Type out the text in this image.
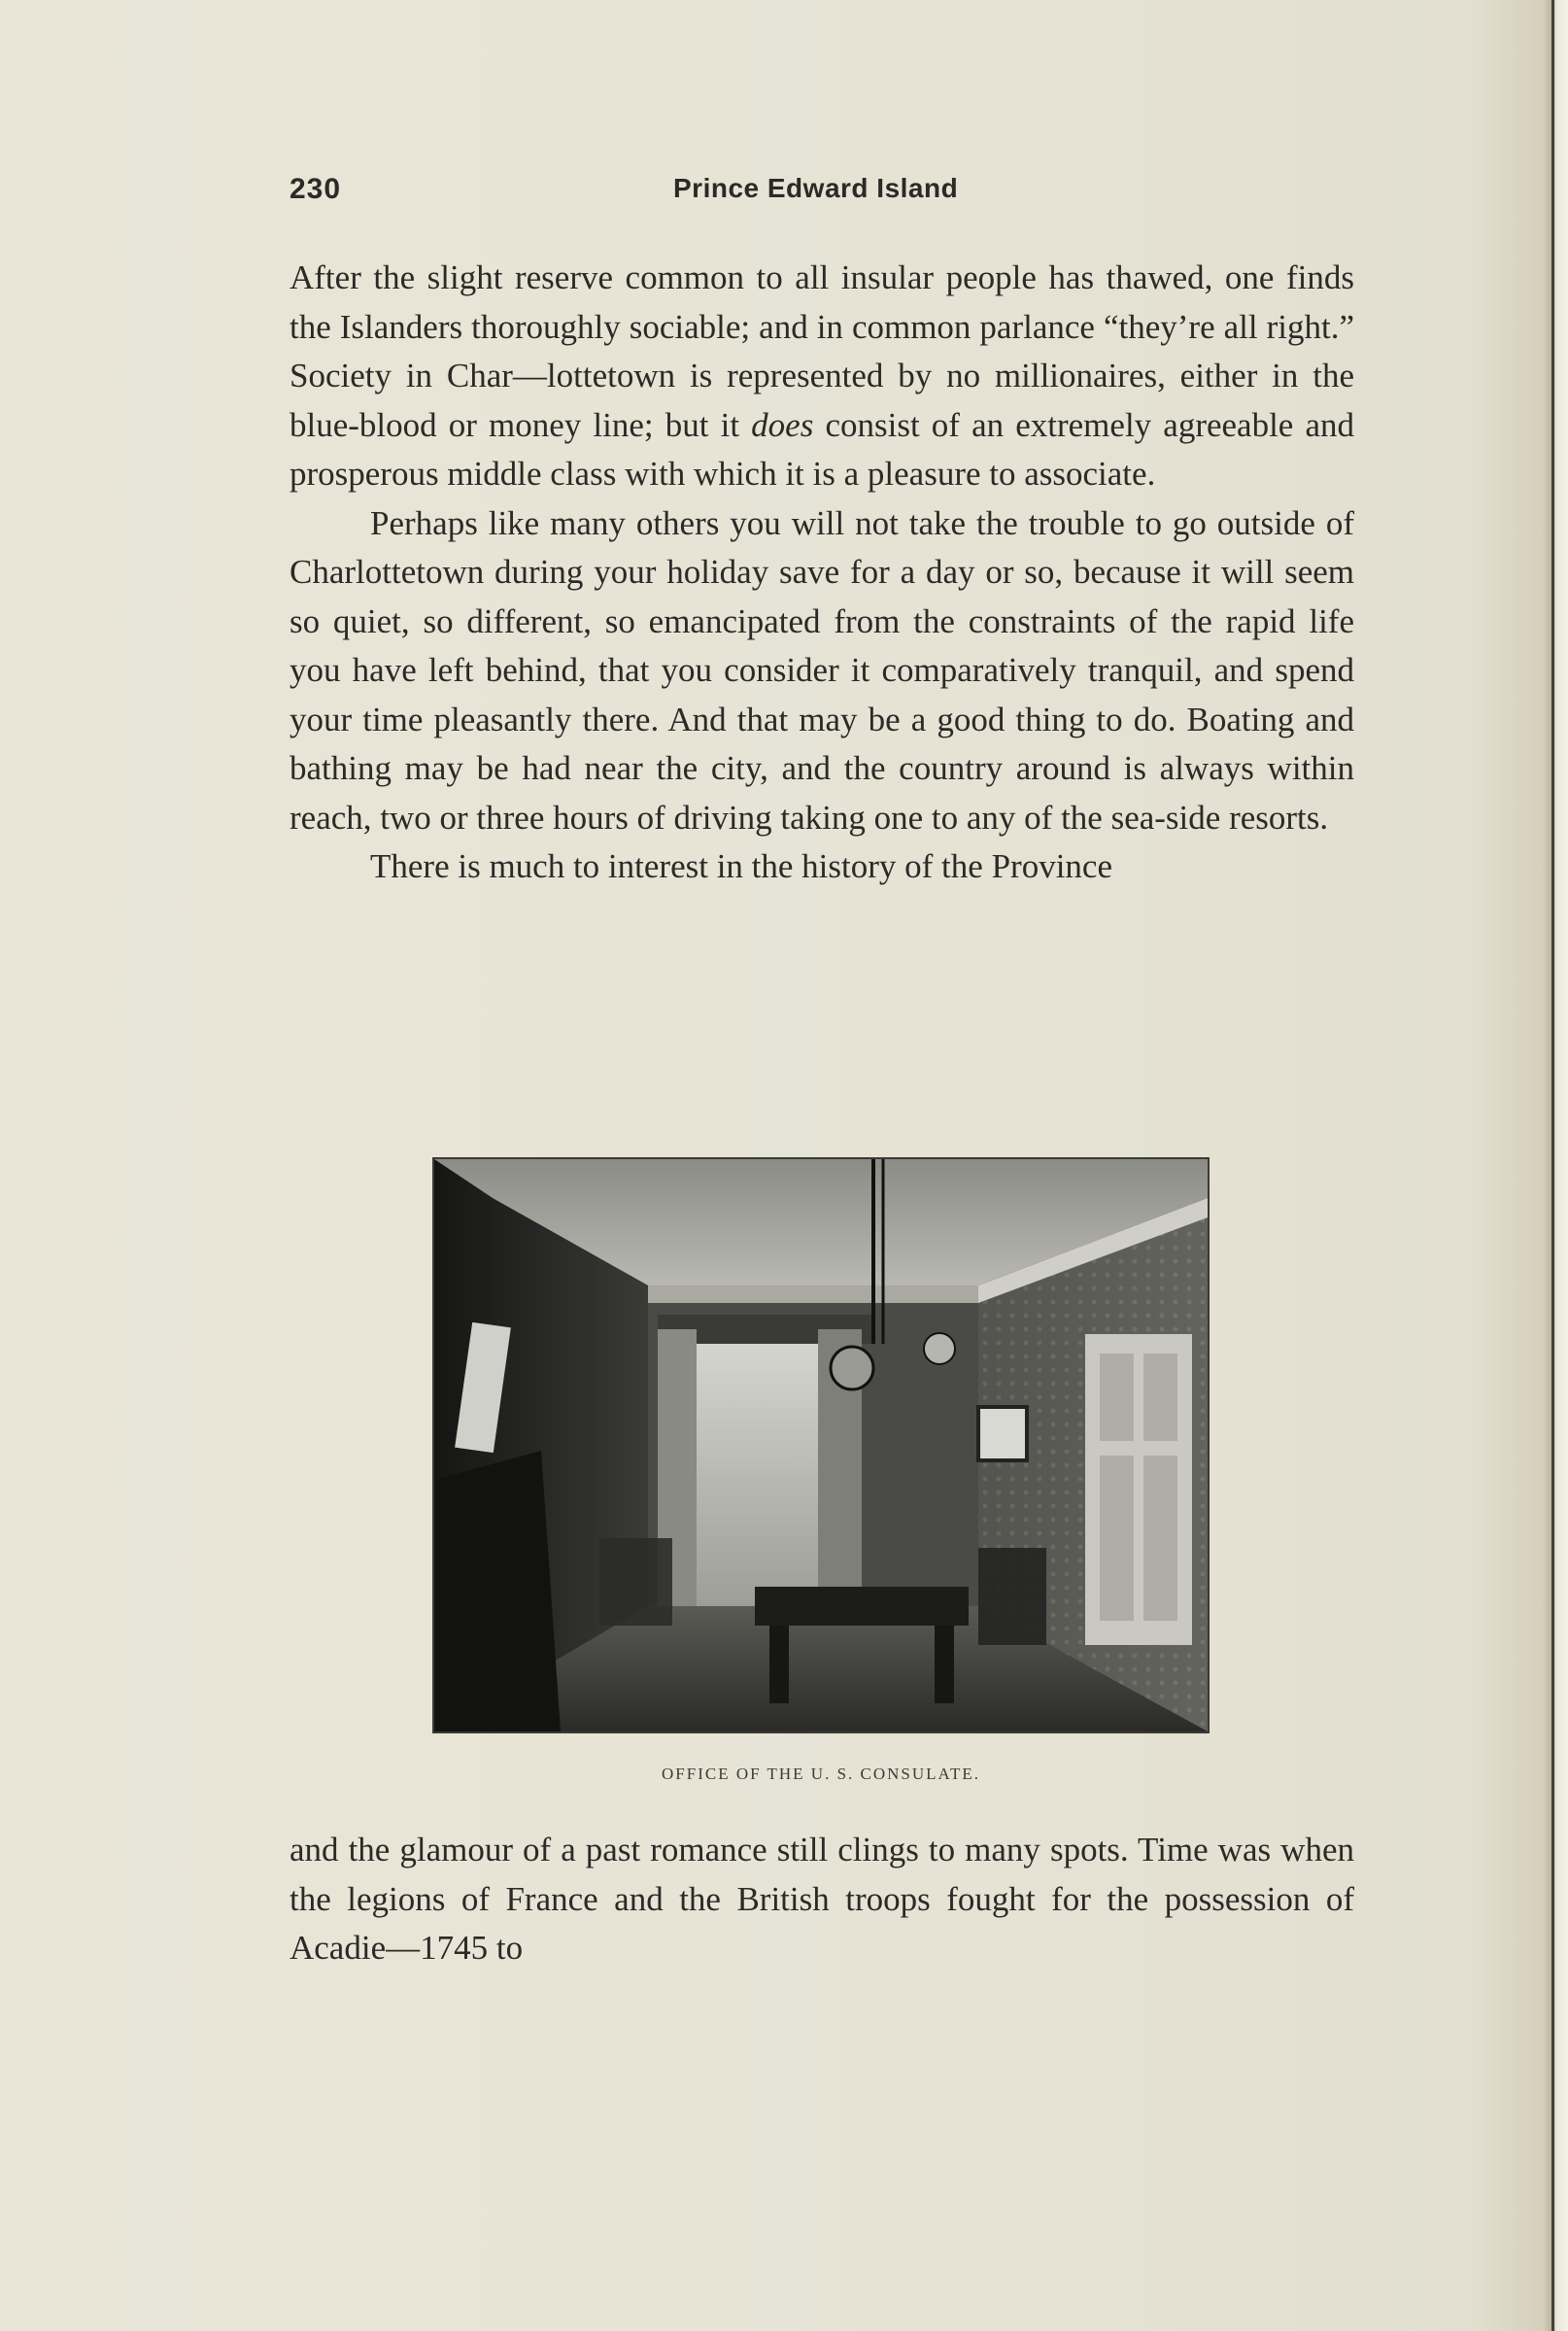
230	Prince Edward Island

After the slight reserve common to all insular people has thawed, one finds the Islanders thoroughly sociable; and in common parlance “they’re all right.” Society in Char—lottetown is represented by no millionaires, either in the blue-blood or money line; but it does consist of an extremely agreeable and prosperous middle class with which it is a pleasure to associate.

Perhaps like many others you will not take the trouble to go outside of Charlottetown during your holiday save for a day or so, because it will seem so quiet, so different, so emancipated from the constraints of the rapid life you have left behind, that you consider it comparatively tranquil, and spend your time pleasantly there. And that may be a good thing to do. Boating and bathing may be had near the city, and the country around is always within reach, two or three hours of driving taking one to any of the sea-side resorts.

There is much to interest in the history of the Province

OFFICE OF THE U. S. CONSULATE.

and the glamour of a past romance still clings to many spots. Time was when the legions of France and the British troops fought for the possession of Acadie—1745 to
